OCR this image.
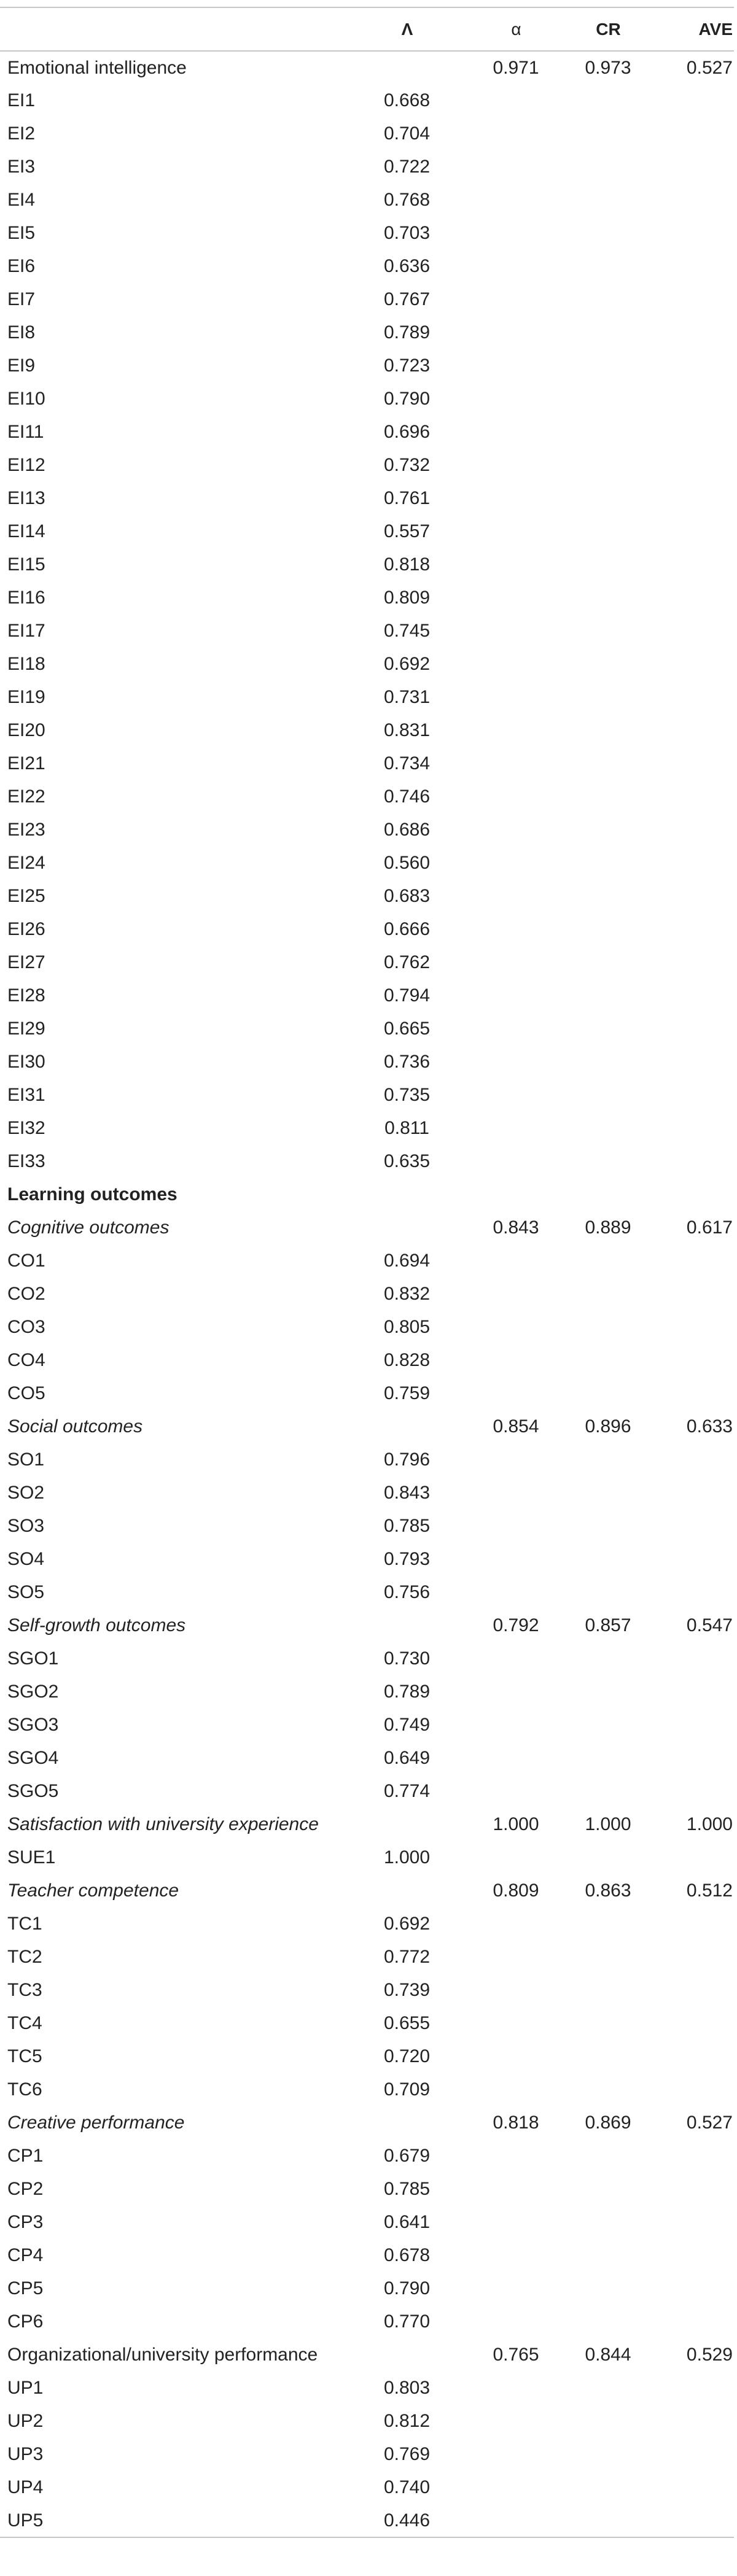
	Λ	α	CR	AVE
Emotional intelligence		0.971	0.973	0.527
EI1	0.668			
EI2	0.704			
EI3	0.722			
EI4	0.768			
EI5	0.703			
EI6	0.636			
EI7	0.767			
EI8	0.789			
EI9	0.723			
EI10	0.790			
EI11	0.696			
EI12	0.732			
EI13	0.761			
EI14	0.557			
EI15	0.818			
EI16	0.809			
EI17	0.745			
EI18	0.692			
EI19	0.731			
EI20	0.831			
EI21	0.734			
EI22	0.746			
EI23	0.686			
EI24	0.560			
EI25	0.683			
EI26	0.666			
EI27	0.762			
EI28	0.794			
EI29	0.665			
EI30	0.736			
EI31	0.735			
EI32	0.811			
EI33	0.635			
Learning outcomes				
Cognitive outcomes		0.843	0.889	0.617
CO1	0.694			
CO2	0.832			
CO3	0.805			
CO4	0.828			
CO5	0.759			
Social outcomes		0.854	0.896	0.633
SO1	0.796			
SO2	0.843			
SO3	0.785			
SO4	0.793			
SO5	0.756			
Self-growth outcomes		0.792	0.857	0.547
SGO1	0.730			
SGO2	0.789			
SGO3	0.749			
SGO4	0.649			
SGO5	0.774			
Satisfaction with university experience		1.000	1.000	1.000
SUE1	1.000			
Teacher competence		0.809	0.863	0.512
TC1	0.692			
TC2	0.772			
TC3	0.739			
TC4	0.655			
TC5	0.720			
TC6	0.709			
Creative performance		0.818	0.869	0.527
CP1	0.679			
CP2	0.785			
CP3	0.641			
CP4	0.678			
CP5	0.790			
CP6	0.770			
Organizational/university performance		0.765	0.844	0.529
UP1	0.803			
UP2	0.812			
UP3	0.769			
UP4	0.740			
UP5	0.446			
